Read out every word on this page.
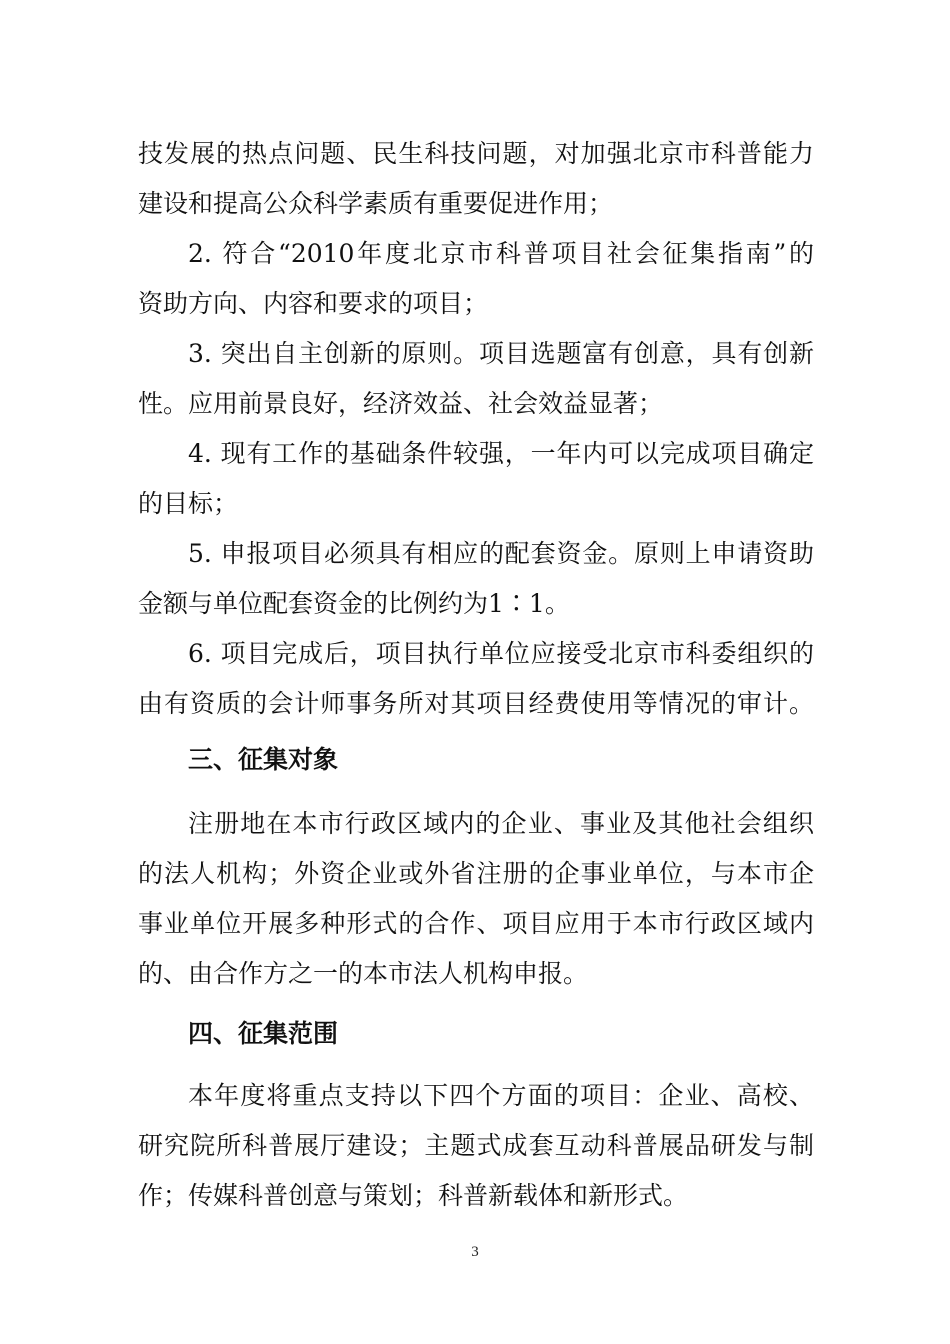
技发展的热点问题、民生科技问题，对加强北京市科普能力
建设和提高公众科学素质有重要促进作用；
2. 符合“2010年度北京市科普项目社会征集指南”的
资助方向、内容和要求的项目；
3. 突出自主创新的原则。项目选题富有创意，具有创新
性。应用前景良好，经济效益、社会效益显著；
4. 现有工作的基础条件较强，一年内可以完成项目确定
的目标；
5. 申报项目必须具有相应的配套资金。原则上申请资助
金额与单位配套资金的比例约为1∶1。
6. 项目完成后，项目执行单位应接受北京市科委组织的
由有资质的会计师事务所对其项目经费使用等情况的审计。
三、征集对象
注册地在本市行政区域内的企业、事业及其他社会组织
的法人机构；外资企业或外省注册的企事业单位，与本市企
事业单位开展多种形式的合作、项目应用于本市行政区域内
的、由合作方之一的本市法人机构申报。
四、征集范围
本年度将重点支持以下四个方面的项目：企业、高校、
研究院所科普展厅建设；主题式成套互动科普展品研发与制
作；传媒科普创意与策划；科普新载体和新形式。
3
